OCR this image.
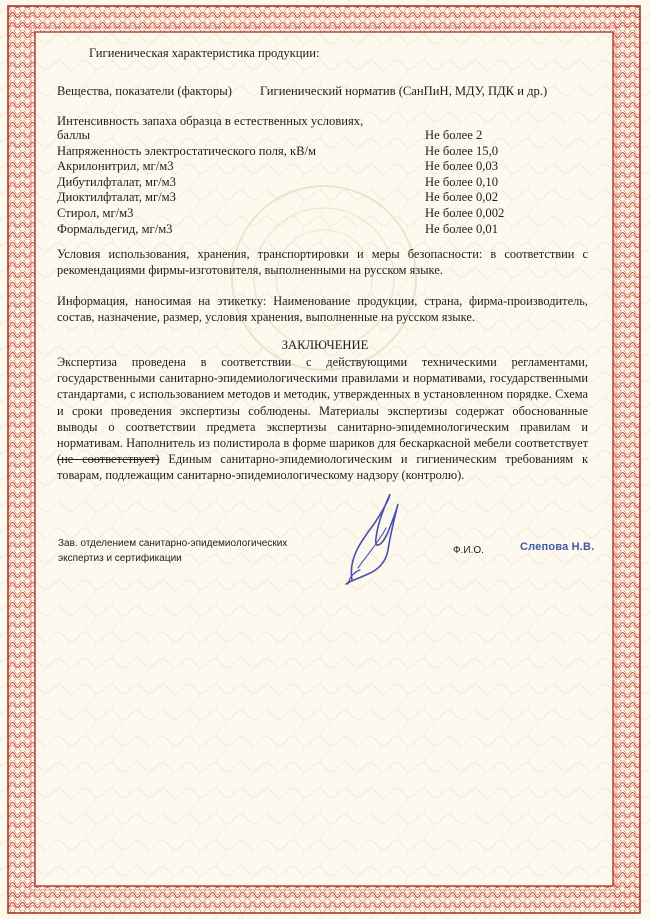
Гигиеническая характеристика продукции:

Вещества, показатели (факторы) Гигиенический норматив (СанПиН, МДУ, ПДК и др.)

Интенсивность запаха образца в естественных условиях,

баллы	Не более 2
Напряженность электростатического поля, кВ/м	Не более 15,0
Акрилонитрил, мг/м3	Не более 0,03
Дибутилфталат, мг/м3	Не более 0,10
Диоктилфталат, мг/м3	Не более 0,02
Стирол, мг/м3	Не более 0,002
Формальдегид, мг/м3	Не более 0,01

Условия использования, хранения, транспортировки и меры безопасности: в соответствии с рекомендациями фирмы-изготовителя, выполненными на русском языке.

Информация, наносимая на этикетку: Наименование продукции, страна, фирма-производитель, состав, назначение, размер, условия хранения, выполненные на русском языке.

ЗАКЛЮЧЕНИЕ

Экспертиза проведена в соответствии с действующими техническими регламентами, государственными санитарно-эпидемиологическими правилами и нормативами, государственными стандартами, с использованием методов и методик, утвержденных в установленном порядке. Схема и сроки проведения экспертизы соблюдены. Материалы экспертизы содержат обоснованные выводы о соответствии предмета экспертизы санитарно-эпидемиологическим правилам и нормативам. Наполнитель из полистирола в форме шариков для бескаркасной мебели соответствует (не соответствует) Единым санитарно-эпидемиологическим и гигиеническим требованиям к товарам, подлежащим санитарно-эпидемиологическому надзору (контролю).

Зав. отделением санитарно-эпидемиологических
экспертиз и сертификации

Ф.И.О.	Слепова Н.В.
